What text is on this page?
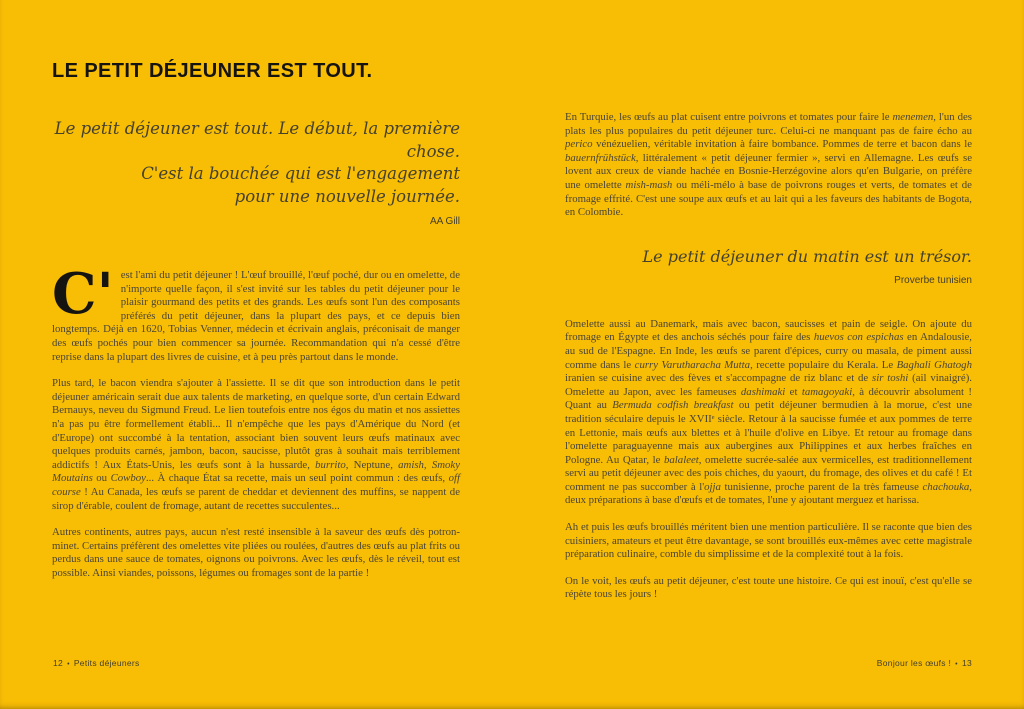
LE PETIT DÉJEUNER EST TOUT.
Le petit déjeuner est tout. Le début, la première chose.
C'est la bouchée qui est l'engagement
pour une nouvelle journée.
AA Gill

C' est l'ami du petit déjeuner ! L'œuf brouillé, l'œuf poché, dur ou en omelette, de n'importe quelle façon, il s'est invité sur les tables du petit déjeuner pour le plaisir gourmand des petits et des grands. Les œufs sont l'un des composants préférés du petit déjeuner, dans la plupart des pays, et ce depuis bien longtemps. Déjà en 1620, Tobias Venner, médecin et écrivain anglais, préconisait de manger des œufs pochés pour bien commencer sa journée. Recommandation qui n'a cessé d'être reprise dans la plupart des livres de cuisine, et à peu près partout dans le monde.

Plus tard, le bacon viendra s'ajouter à l'assiette. Il se dit que son introduction dans le petit déjeuner américain serait due aux talents de marketing, en quelque sorte, d'un certain Edward Bernauys, neveu du Sigmund Freud. Le lien toutefois entre nos égos du matin et nos assiettes n'a pas pu être formellement établi... Il n'empêche que les pays d'Amérique du Nord (et d'Europe) ont succombé à la tentation, associant bien souvent leurs œufs matinaux avec quelques produits carnés, jambon, bacon, saucisse, plutôt gras à souhait mais terriblement addictifs ! Aux États-Unis, les œufs sont à la hussarde, burrito, Neptune, amish, Smoky Moutains ou Cowboy... À chaque État sa recette, mais un seul point commun : des œufs, off course ! Au Canada, les œufs se parent de cheddar et deviennent des muffins, se nappent de sirop d'érable, coulent de fromage, autant de recettes succulentes...

Autres continents, autres pays, aucun n'est resté insensible à la saveur des œufs dès potron-minet. Certains préfèrent des omelettes vite pliées ou roulées, d'autres des œufs au plat frits ou perdus dans une sauce de tomates, oignons ou poivrons. Avec les œufs, dès le réveil, tout est possible. Ainsi viandes, poissons, légumes ou fromages sont de la partie !

En Turquie, les œufs au plat cuisent entre poivrons et tomates pour faire le menemen, l'un des plats les plus populaires du petit déjeuner turc. Celui-ci ne manquant pas de faire écho au perico vénézuelien, véritable invitation à faire bombance. Pommes de terre et bacon dans le bauernfrühstück, littéralement « petit déjeuner fermier », servi en Allemagne. Les œufs se lovent aux creux de viande hachée en Bosnie-Herzégovine alors qu'en Bulgarie, on préfère une omelette mish-mash ou méli-mélo à base de poivrons rouges et verts, de tomates et de fromage effrité. C'est une soupe aux œufs et au lait qui a les faveurs des habitants de Bogota, en Colombie.

Le petit déjeuner du matin est un trésor.
Proverbe tunisien

Omelette aussi au Danemark, mais avec bacon, saucisses et pain de seigle. On ajoute du fromage en Égypte et des anchois séchés pour faire des huevos con espichas en Andalousie, au sud de l'Espagne. En Inde, les œufs se parent d'épices, curry ou masala, de piment aussi comme dans le curry Varutharacha Mutta, recette populaire du Kerala. Le Baghali Ghatogh iranien se cuisine avec des fèves et s'accompagne de riz blanc et de sir toshi (ail vinaigré). Omelette au Japon, avec les fameuses dashimaki et tamagoyaki, à découvrir absolument ! Quant au Bermuda codfish breakfast ou petit déjeuner bermudien à la morue, c'est une tradition séculaire depuis le XVIIᵉ siècle. Retour à la saucisse fumée et aux pommes de terre en Lettonie, mais œufs aux blettes et à l'huile d'olive en Libye. Et retour au fromage dans l'omelette paraguayenne mais aux aubergines aux Philippines et aux herbes fraîches en Pologne. Au Qatar, le balaleet, omelette sucrée-salée aux vermicelles, est traditionnellement servi au petit déjeuner avec des pois chiches, du yaourt, du fromage, des olives et du café ! Et comment ne pas succomber à l'ojja tunisienne, proche parent de la très fameuse chachouka, deux préparations à base d'œufs et de tomates, l'une y ajoutant merguez et harissa.

Ah et puis les œufs brouillés méritent bien une mention particulière. Il se raconte que bien des cuisiniers, amateurs et peut être davantage, se sont brouillés eux-mêmes avec cette magistrale préparation culinaire, comble du simplissime et de la complexité tout à la fois.

On le voit, les œufs au petit déjeuner, c'est toute une histoire. Ce qui est inouï, c'est qu'elle se répète tous les jours !

12 • Petits déjeuners	Bonjour les œufs ! • 13
